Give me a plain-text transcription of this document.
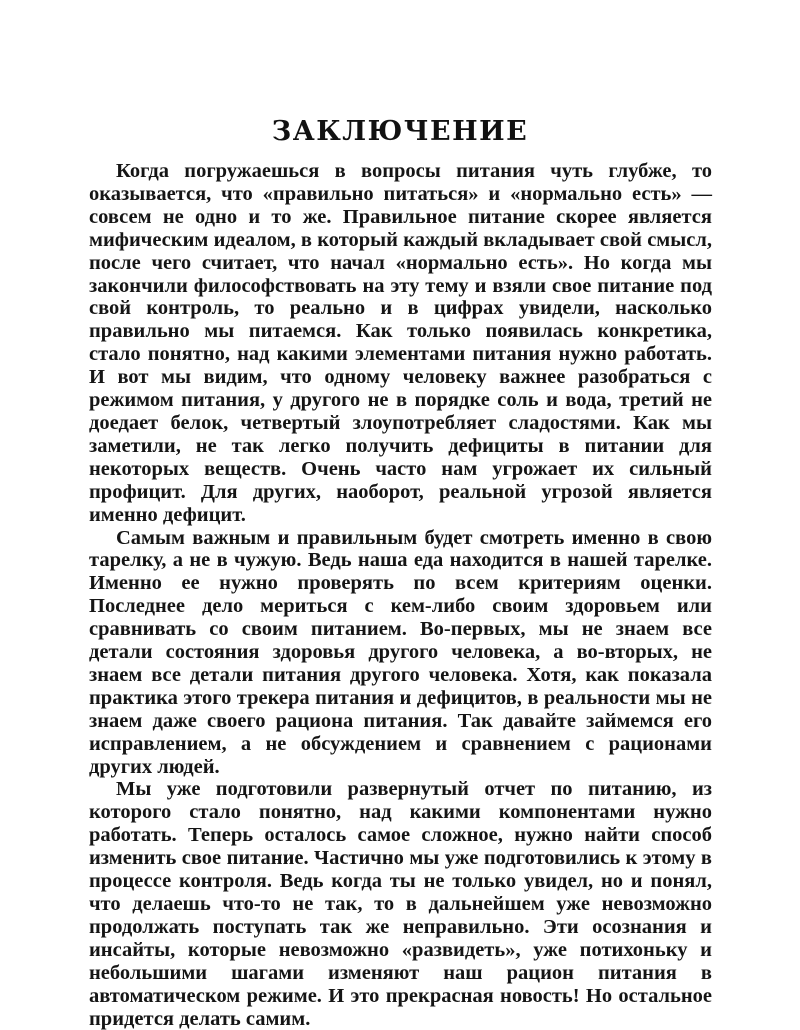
ЗАКЛЮЧЕНИЕ

Когда погружаешься в вопросы питания чуть глубже, то оказывается, что «правильно питаться» и «нормально есть» — совсем не одно и то же. Правильное питание скорее является мифическим идеалом, в который каждый вкладывает свой смысл, после чего считает, что начал «нормально есть». Но когда мы закончили философствовать на эту тему и взяли свое питание под свой контроль, то реально и в цифрах увидели, насколько правильно мы питаемся. Как только появилась конкретика, стало понятно, над какими элементами питания нужно работать. И вот мы видим, что одному человеку важнее разобраться с режимом питания, у другого не в порядке соль и вода, третий не доедает белок, четвертый злоупотребляет сладостями. Как мы заметили, не так легко получить дефициты в питании для некоторых веществ. Очень часто нам угрожает их сильный профицит. Для других, наоборот, реальной угрозой является именно дефицит.

Самым важным и правильным будет смотреть именно в свою тарелку, а не в чужую. Ведь наша еда находится в нашей тарелке. Именно ее нужно проверять по всем критериям оценки. Последнее дело мериться с кем-либо своим здоровьем или сравнивать со своим питанием. Во-первых, мы не знаем все детали состояния здоровья другого человека, а во-вторых, не знаем все детали питания другого человека. Хотя, как показала практика этого трекера питания и дефицитов, в реальности мы не знаем даже своего рациона питания. Так давайте займемся его исправлением, а не обсуждением и сравнением с рационами других людей.

Мы уже подготовили развернутый отчет по питанию, из которого стало понятно, над какими компонентами нужно работать. Теперь осталось самое сложное, нужно найти способ изменить свое питание. Частично мы уже подготовились к этому в процессе контроля. Ведь когда ты не только увидел, но и понял, что делаешь что-то не так, то в дальнейшем уже невозможно продолжать поступать так же неправильно. Эти осознания и инсайты, которые невозможно «развидеть», уже потихоньку и небольшими шагами изменяют наш рацион питания в автоматическом режиме. И это прекрасная новость! Но остальное придется делать самим.
